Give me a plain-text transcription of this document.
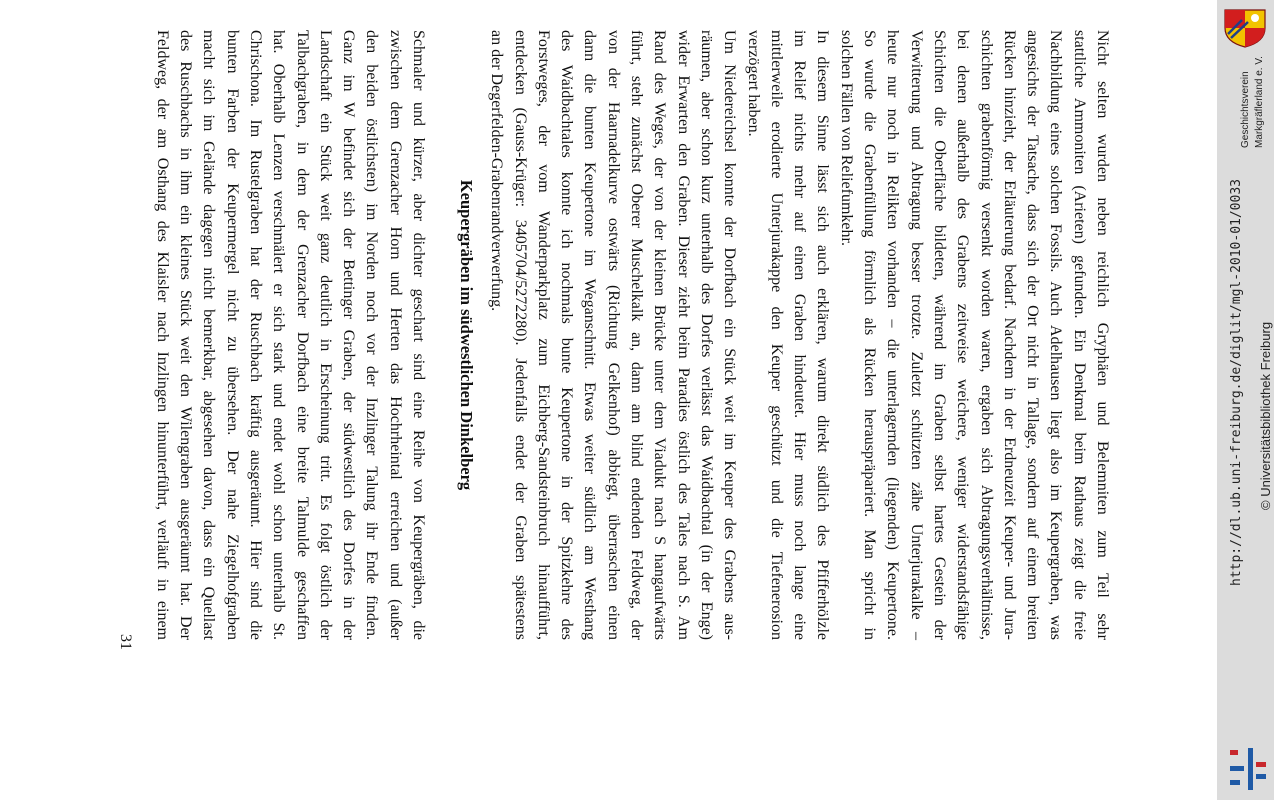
Nicht selten wurden neben reichlich Gryphäen und Belemniten zum Teil sehr
stattliche Ammoniten (Arieten) gefunden. Ein Denkmal beim Rathaus zeigt die freie
Nachbildung eines solchen Fossils. Auch Adelhausen liegt also im Keupergraben, was
angesichts der Tatsache, dass sich der Ort nicht in Tallage, sondern auf einem breiten
Rücken hinzieht, der Erläuterung bedarf. Nachdem in der Erdneuzeit Keuper- und Jura-
schichten grabenförmig versenkt worden waren, ergaben sich Abtragungsverhältnisse,
bei denen außerhalb des Grabens zeitweise weichere, weniger widerstandsfähige
Schichten die Oberfläche bildeten, während im Graben selbst hartes Gestein der
Verwitterung und Abtragung besser trotzte. Zuletzt schützten zähe Unterjurakalke –
heute nur noch in Relikten vorhanden – die unterlagernden (liegenden) Keupertone.
So wurde die Grabenfüllung förmlich als Rücken herauspräpariert. Man spricht in
solchen Fällen von Reliefumkehr.
In diesem Sinne lässt sich auch erklären, warum direkt südlich des Pfifferhölzle
im Relief nichts mehr auf einen Graben hindeutet. Hier muss noch lange eine
mittlerweile erodierte Unterjurakappe den Keuper geschützt und die Tiefenerosion
verzögert haben.
Um Niedereichsel konnte der Dorfbach ein Stück weit im Keuper des Grabens aus-
räumen, aber schon kurz unterhalb des Dorfes verlässt das Waidbachtal (in der Enge)
wider Erwarten den Graben. Dieser zieht beim Paradies östlich des Tales nach S. Am
Rand des Weges, der von der kleinen Brücke unter dem Viadukt nach S hangaufwärts
führt, steht zunächst Oberer Muschelkalk an, dann am blind endenden Feldweg, der
von der Haarnadelkurve ostwärts (Richtung Gelkenhof) abbiegt, überraschen einen
dann die bunten Keupertone im Weganschnitt. Etwas weiter südlich am Westhang
des Waidbachtales konnte ich nochmals bunte Keupertone in der Spitzkehre des
Forstweges, der vom Wanderparkplatz zum Eichberg-Sandsteinbruch hinaufführt,
entdecken (Gauss-Krüger: 3405704/5272280). Jedenfalls endet der Graben spätestens
an der Degerfelden-Grabenrandverwerfung.

Keupergräben im südwestlichen Dinkelberg

Schmaler und kürzer, aber dichter geschart sind eine Reihe von Keupergräben, die
zwischen dem Grenzacher Horn und Herten das Hochrheintal erreichen und (außer
den beiden östlichsten) im Norden noch vor der Inzlinger Talung ihr Ende finden.
Ganz im W befindet sich der Bettinger Graben, der südwestlich des Dorfes in der
Landschaft ein Stück weit ganz deutlich in Erscheinung tritt. Es folgt östlich der
Talbachgraben, in dem der Grenzacher Dorfbach eine breite Talmulde geschaffen
hat. Oberhalb Lenzen verschmälert er sich stark und endet wohl schon unterhalb St.
Chrischona. Im Rustelgraben hat der Ruschbach kräftig ausgeräumt. Hier sind die
bunten Farben der Keupermergel nicht zu übersehen. Der nahe Ziegelhofgraben
macht sich im Gelände dagegen nicht bemerkbar, abgesehen davon, dass ein Quellast
des Ruschbachs in ihm ein kleines Stück weit den Wilengraben ausgeräumt hat. Der
Feldweg, der am Osthang des Klaisler nach Inzlingen hinunterführt, verläuft in einem

31
Geschichtsverein Markgräflerland e. V.
http://dl.ub.uni-freiburg.de/diglit/mgl-2010-01/0033 © Universitätsbibliothek Freiburg
